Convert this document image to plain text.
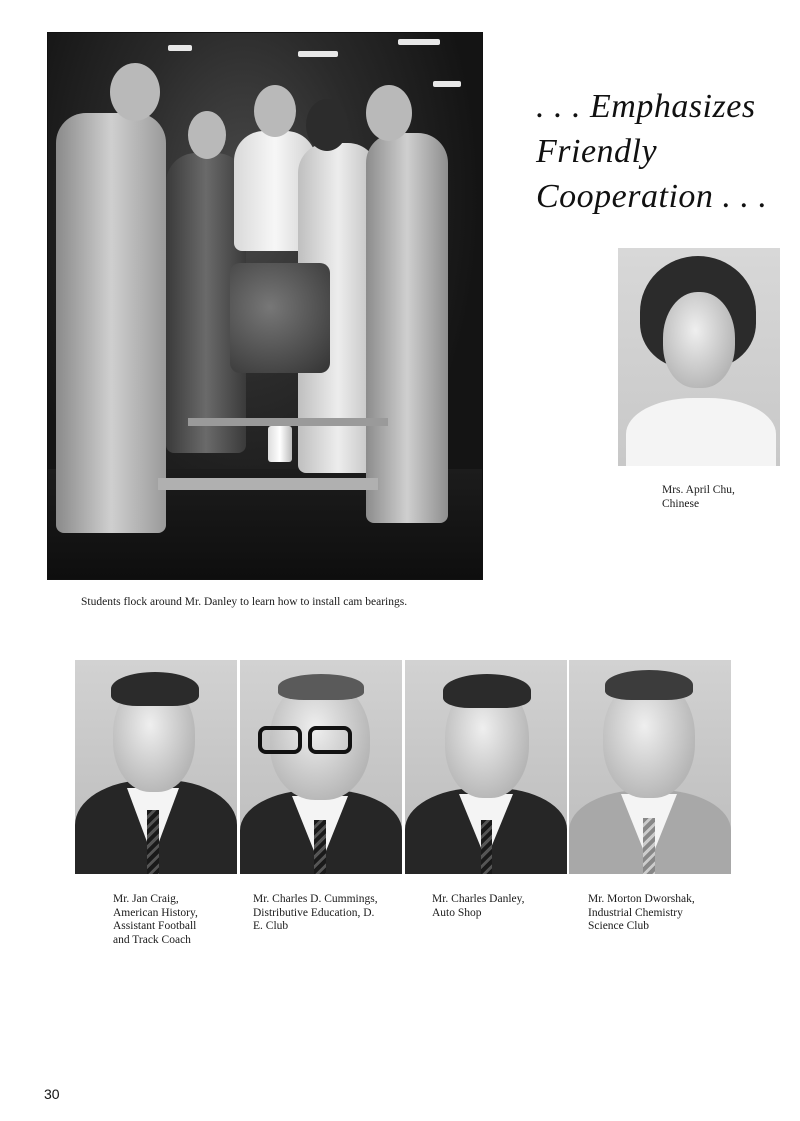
Students flock around Mr. Danley to learn how to install cam bearings.
. . . Emphasizes
Friendly
Cooperation . . .
Mrs. April Chu,
Chinese
Mr. Jan Craig,
American History,
Assistant Football
and Track Coach
Mr. Charles D. Cummings,
Distributive Education, D.
E. Club
Mr. Charles Danley,
Auto Shop
Mr. Morton Dworshak,
Industrial Chemistry
Science Club
30
